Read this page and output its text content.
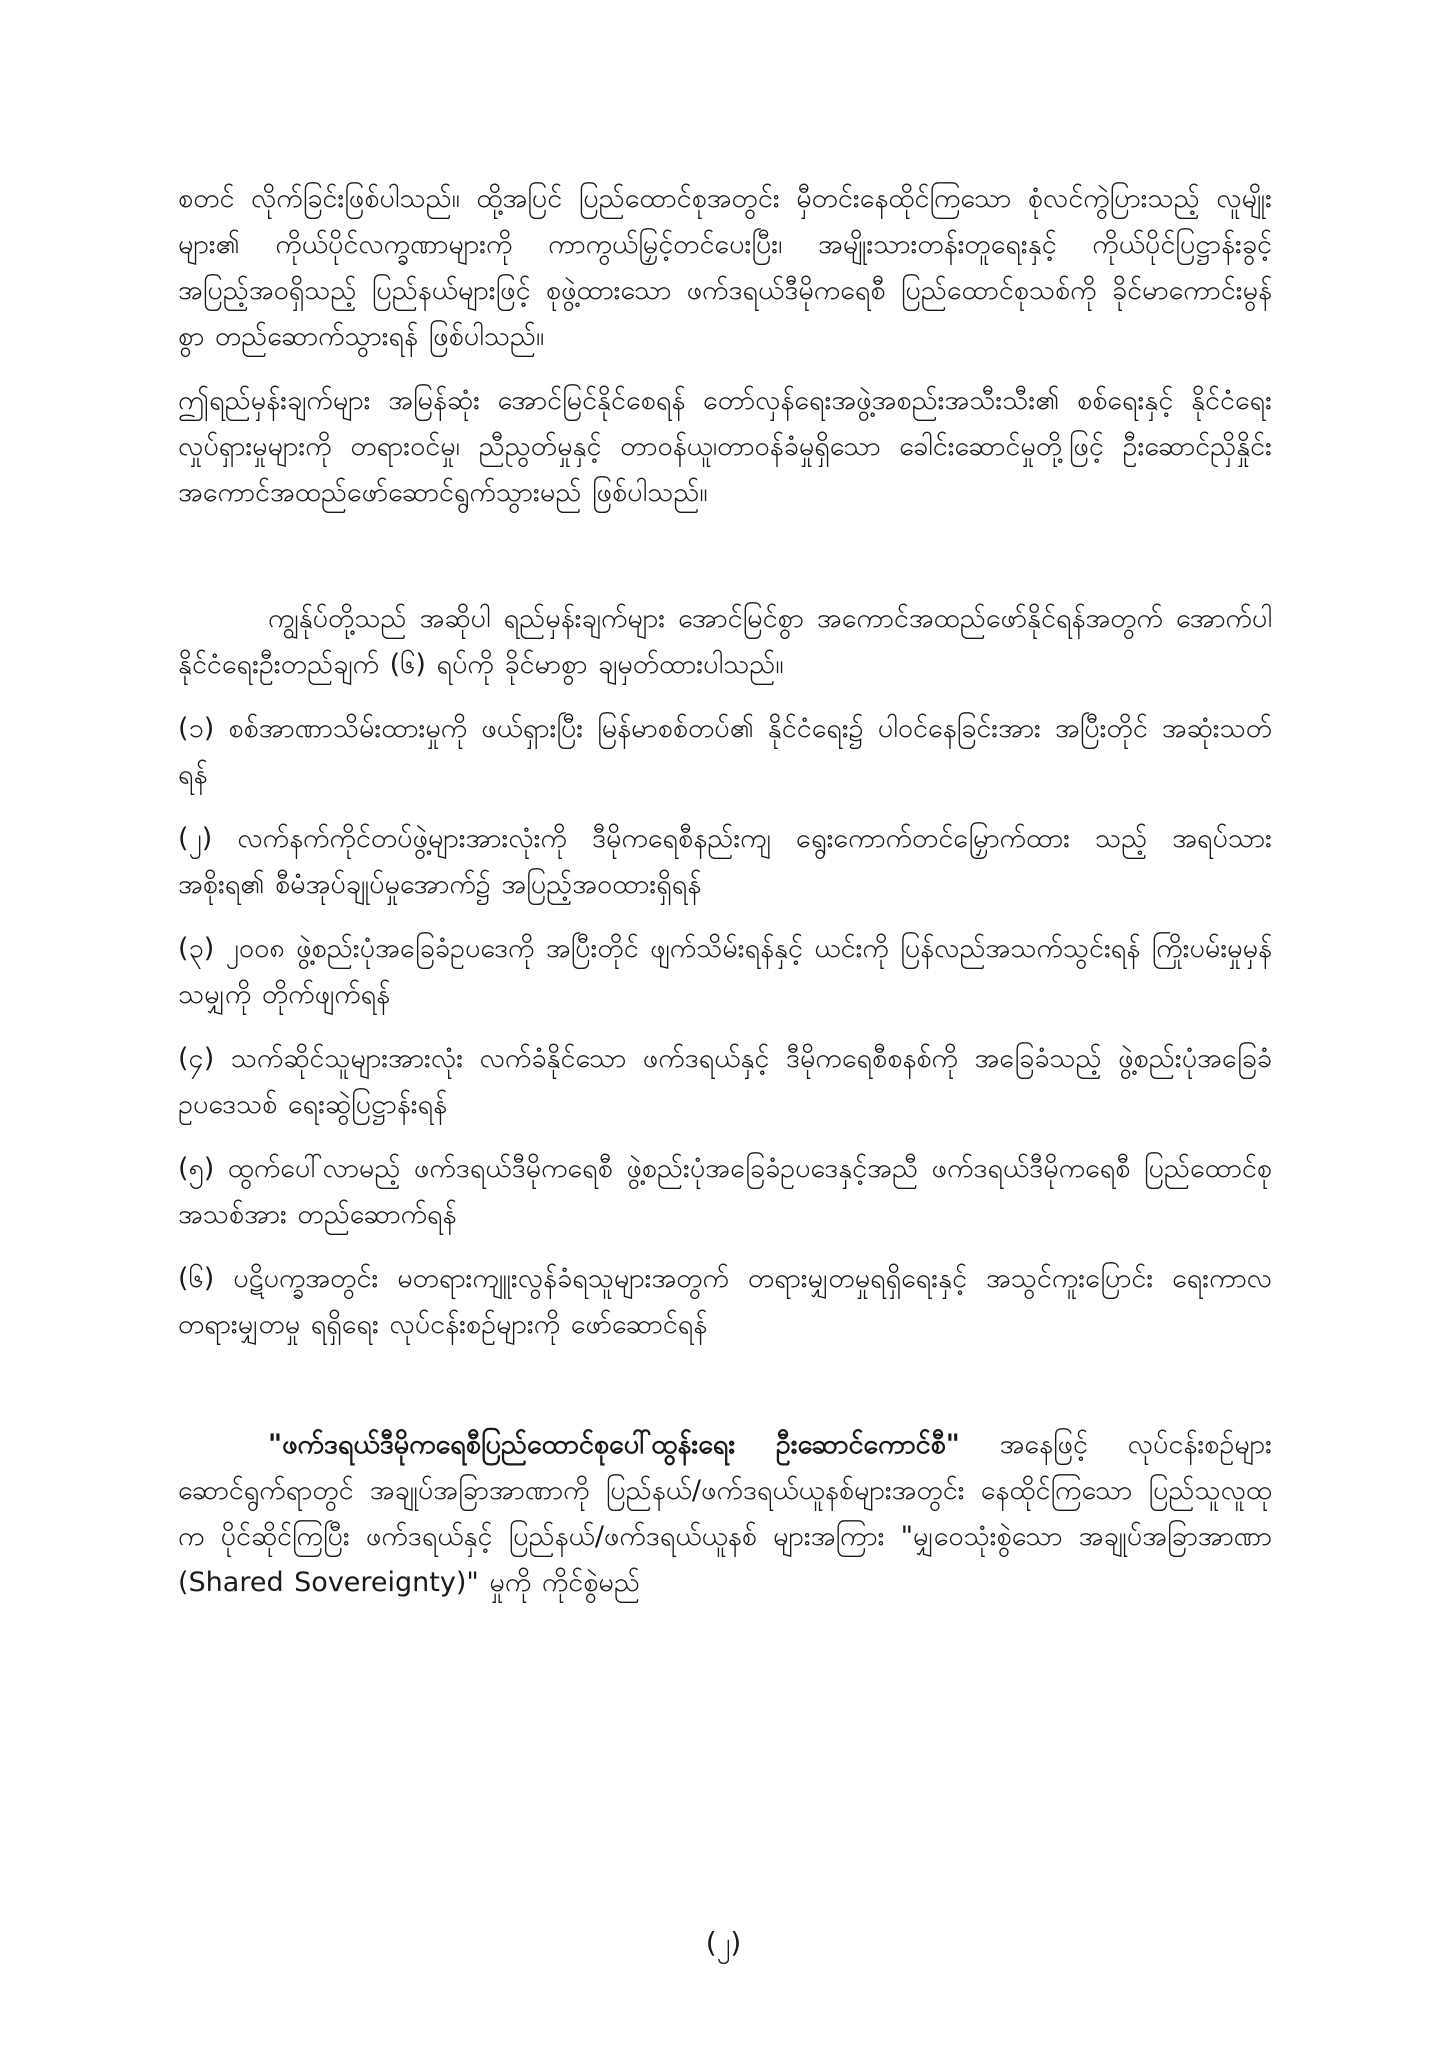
စတင် လိုက်ခြင်းဖြစ်ပါသည်။ ထို့အပြင် ပြည်ထောင်စုအတွင်း မှီတင်းနေထိုင်ကြသော စုံလင်ကွဲပြားသည့် လူမျိုးများ၏ ကိုယ်ပိုင်လက္ခဏာများကို ကာကွယ်မြှင့်တင်ပေးပြီး၊ အမျိုးသားတန်းတူရေးနှင့် ကိုယ်ပိုင်ပြဋ္ဌာန်းခွင့် အပြည့်အဝရှိသည့် ပြည်နယ်များဖြင့် စုဖွဲ့ထားသော ဖက်ဒရယ်ဒီမိုကရေစီ ပြည်ထောင်စုသစ်ကို ခိုင်မာကောင်းမွန်စွာ တည်ဆောက်သွားရန် ဖြစ်ပါသည်။

ဤရည်မှန်းချက်များ အမြန်ဆုံး အောင်မြင်နိုင်စေရန် တော်လှန်ရေးအဖွဲ့အစည်းအသီးသီး၏ စစ်ရေးနှင့် နိုင်ငံရေးလှုပ်ရှားမှုများကို တရားဝင်မှု၊ ညီညွတ်မှုနှင့် တာဝန်ယူ၊တာဝန်ခံမှုရှိသော ခေါင်းဆောင်မှုတို့ဖြင့် ဦးဆောင်ညှိနှိုင်း အကောင်အထည်ဖော်ဆောင်ရွက်သွားမည် ဖြစ်ပါသည်။

ကျွန်ုပ်တို့သည် အဆိုပါ ရည်မှန်းချက်များ အောင်မြင်စွာ အကောင်အထည်ဖော်နိုင်ရန်အတွက် အောက်ပါ နိုင်ငံရေးဦးတည်ချက် (၆) ရပ်ကို ခိုင်မာစွာ ချမှတ်ထားပါသည်။

(၁) စစ်အာဏာသိမ်းထားမှုကို ဖယ်ရှားပြီး မြန်မာစစ်တပ်၏ နိုင်ငံရေး၌ ပါဝင်နေခြင်းအား အပြီးတိုင် အဆုံးသတ်ရန်

(၂) လက်နက်ကိုင်တပ်ဖွဲ့များအားလုံးကို ဒီမိုကရေစီနည်းကျ ရွေးကောက်တင်မြှောက်ထား သည့် အရပ်သားအစိုးရ၏ စီမံအုပ်ချုပ်မှုအောက်၌ အပြည့်အဝထားရှိရန်

(၃) ၂၀၀၈ ဖွဲ့စည်းပုံအခြေခံဥပဒေကို အပြီးတိုင် ဖျက်သိမ်းရန်နှင့် ယင်းကို ပြန်လည်အသက်သွင်းရန် ကြိုးပမ်းမှုမှန်သမျှကို တိုက်ဖျက်ရန်

(၄) သက်ဆိုင်သူများအားလုံး လက်ခံနိုင်သော ဖက်ဒရယ်နှင့် ဒီမိုကရေစီစနစ်ကို အခြေခံသည့် ဖွဲ့စည်းပုံအခြေခံဥပဒေသစ် ရေးဆွဲပြဋ္ဌာန်းရန်

(၅) ထွက်ပေါ်လာမည့် ဖက်ဒရယ်ဒီမိုကရေစီ ဖွဲ့စည်းပုံအခြေခံဥပဒေနှင့်အညီ ဖက်ဒရယ်ဒီမိုကရေစီ ပြည်ထောင်စုအသစ်အား တည်ဆောက်ရန်

(၆) ပဋိပက္ခအတွင်း မတရားကျူးလွန်ခံရသူများအတွက် တရားမျှတမှုရရှိရေးနှင့် အသွင်ကူးပြောင်း ရေးကာလ တရားမျှတမှု ရရှိရေး လုပ်ငန်းစဉ်များကို ဖော်ဆောင်ရန်

"ဖက်ဒရယ်ဒီမိုကရေစီပြည်ထောင်စုပေါ်ထွန်းရေး ဦးဆောင်ကောင်စီ" အနေဖြင့် လုပ်ငန်းစဉ်များ ဆောင်ရွက်ရာတွင် အချုပ်အခြာအာဏာကို ပြည်နယ်/ဖက်ဒရယ်ယူနစ်များအတွင်း နေထိုင်ကြသော ပြည်သူလူထုက ပိုင်ဆိုင်ကြပြီး ဖက်ဒရယ်နှင့် ပြည်နယ်/ဖက်ဒရယ်ယူနစ် များအကြား "မျှဝေသုံးစွဲသော အချုပ်အခြာအာဏာ (Shared Sovereignty)" မှုကို ကိုင်စွဲမည်

(၂)
